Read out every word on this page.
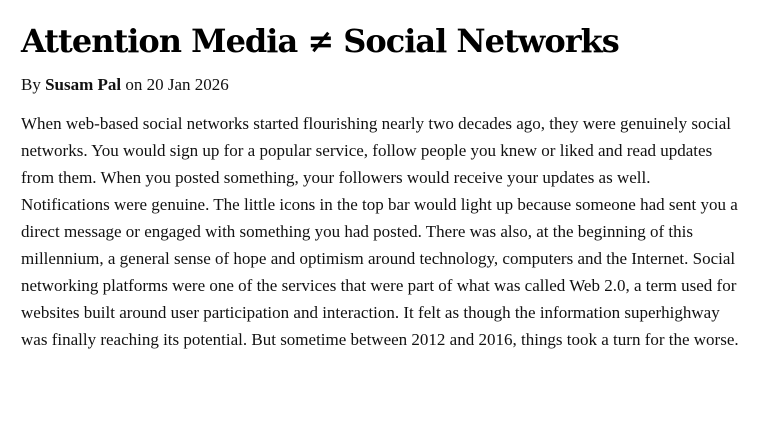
Attention Media ≠ Social Networks
By Susam Pal on 20 Jan 2026

When web-based social networks started flourishing nearly two decades ago, they were genuinely social networks. You would sign up for a popular service, follow people you knew or liked and read updates from them. When you posted something, your followers would receive your updates as well. Notifications were genuine. The little icons in the top bar would light up because someone had sent you a direct message or engaged with something you had posted. There was also, at the beginning of this millennium, a general sense of hope and optimism around technology, computers and the Internet. Social networking platforms were one of the services that were part of what was called Web 2.0, a term used for websites built around user participation and interaction. It felt as though the information superhighway was finally reaching its potential. But sometime between 2012 and 2016, things took a turn for the worse.
